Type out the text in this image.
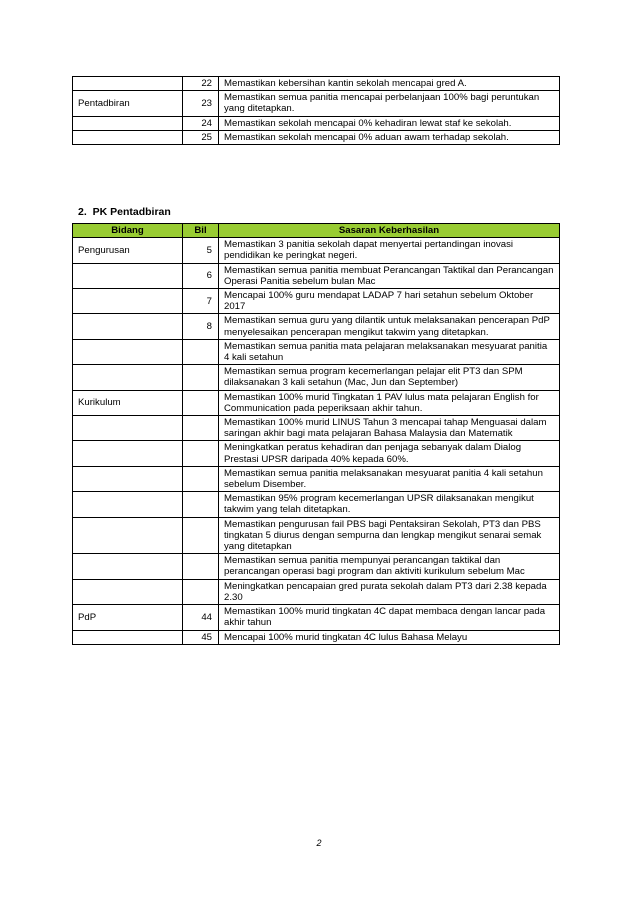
	22	Memastikan kebersihan kantin sekolah mencapai gred A.
Pentadbiran	23	Memastikan semua panitia mencapai perbelanjaan 100% bagi peruntukan yang ditetapkan.
	24	Memastikan sekolah mencapai 0% kehadiran lewat staf ke sekolah.
	25	Memastikan sekolah mencapai 0% aduan awam terhadap sekolah.
2. PK Pentadbiran
Bidang	Bil	Sasaran Keberhasilan
Pengurusan	5	Memastikan 3 panitia sekolah dapat menyertai pertandingan inovasi pendidikan ke peringkat negeri.
	6	Memastikan semua panitia membuat Perancangan Taktikal dan Perancangan Operasi Panitia sebelum bulan Mac
	7	Mencapai 100% guru mendapat LADAP 7 hari setahun sebelum Oktober 2017
	8	Memastikan semua guru yang dilantik untuk melaksanakan pencerapan PdP menyelesaikan pencerapan mengikut takwim yang ditetapkan.
		Memastikan semua panitia mata pelajaran melaksanakan mesyuarat panitia 4 kali setahun
		Memastikan semua program kecemerlangan pelajar elit PT3 dan SPM dilaksanakan 3 kali setahun (Mac, Jun dan September)
Kurikulum		Memastikan 100% murid Tingkatan 1 PAV lulus mata pelajaran English for Communication pada peperiksaan akhir tahun.
		Memastikan 100% murid LINUS Tahun 3 mencapai tahap Menguasai dalam saringan akhir bagi mata pelajaran Bahasa Malaysia dan Matematik
		Meningkatkan peratus kehadiran dan penjaga sebanyak dalam Dialog Prestasi UPSR daripada 40% kepada 60%.
		Memastikan semua panitia melaksanakan mesyuarat panitia 4 kali setahun sebelum Disember.
		Memastikan 95% program kecemerlangan UPSR dilaksanakan mengikut takwim yang telah ditetapkan.
		Memastikan pengurusan fail PBS bagi Pentaksiran Sekolah, PT3 dan PBS tingkatan 5 diurus dengan sempurna dan lengkap mengikut senarai semak yang ditetapkan
		Memastikan semua panitia mempunyai perancangan taktikal dan perancangan operasi bagi program dan aktiviti kurikulum sebelum Mac
		Meningkatkan pencapaian gred purata sekolah dalam PT3 dari 2.38 kepada 2.30
PdP	44	Memastikan 100% murid tingkatan 4C dapat membaca dengan lancar pada akhir tahun
	45	Mencapai 100% murid tingkatan 4C lulus Bahasa Melayu
2
